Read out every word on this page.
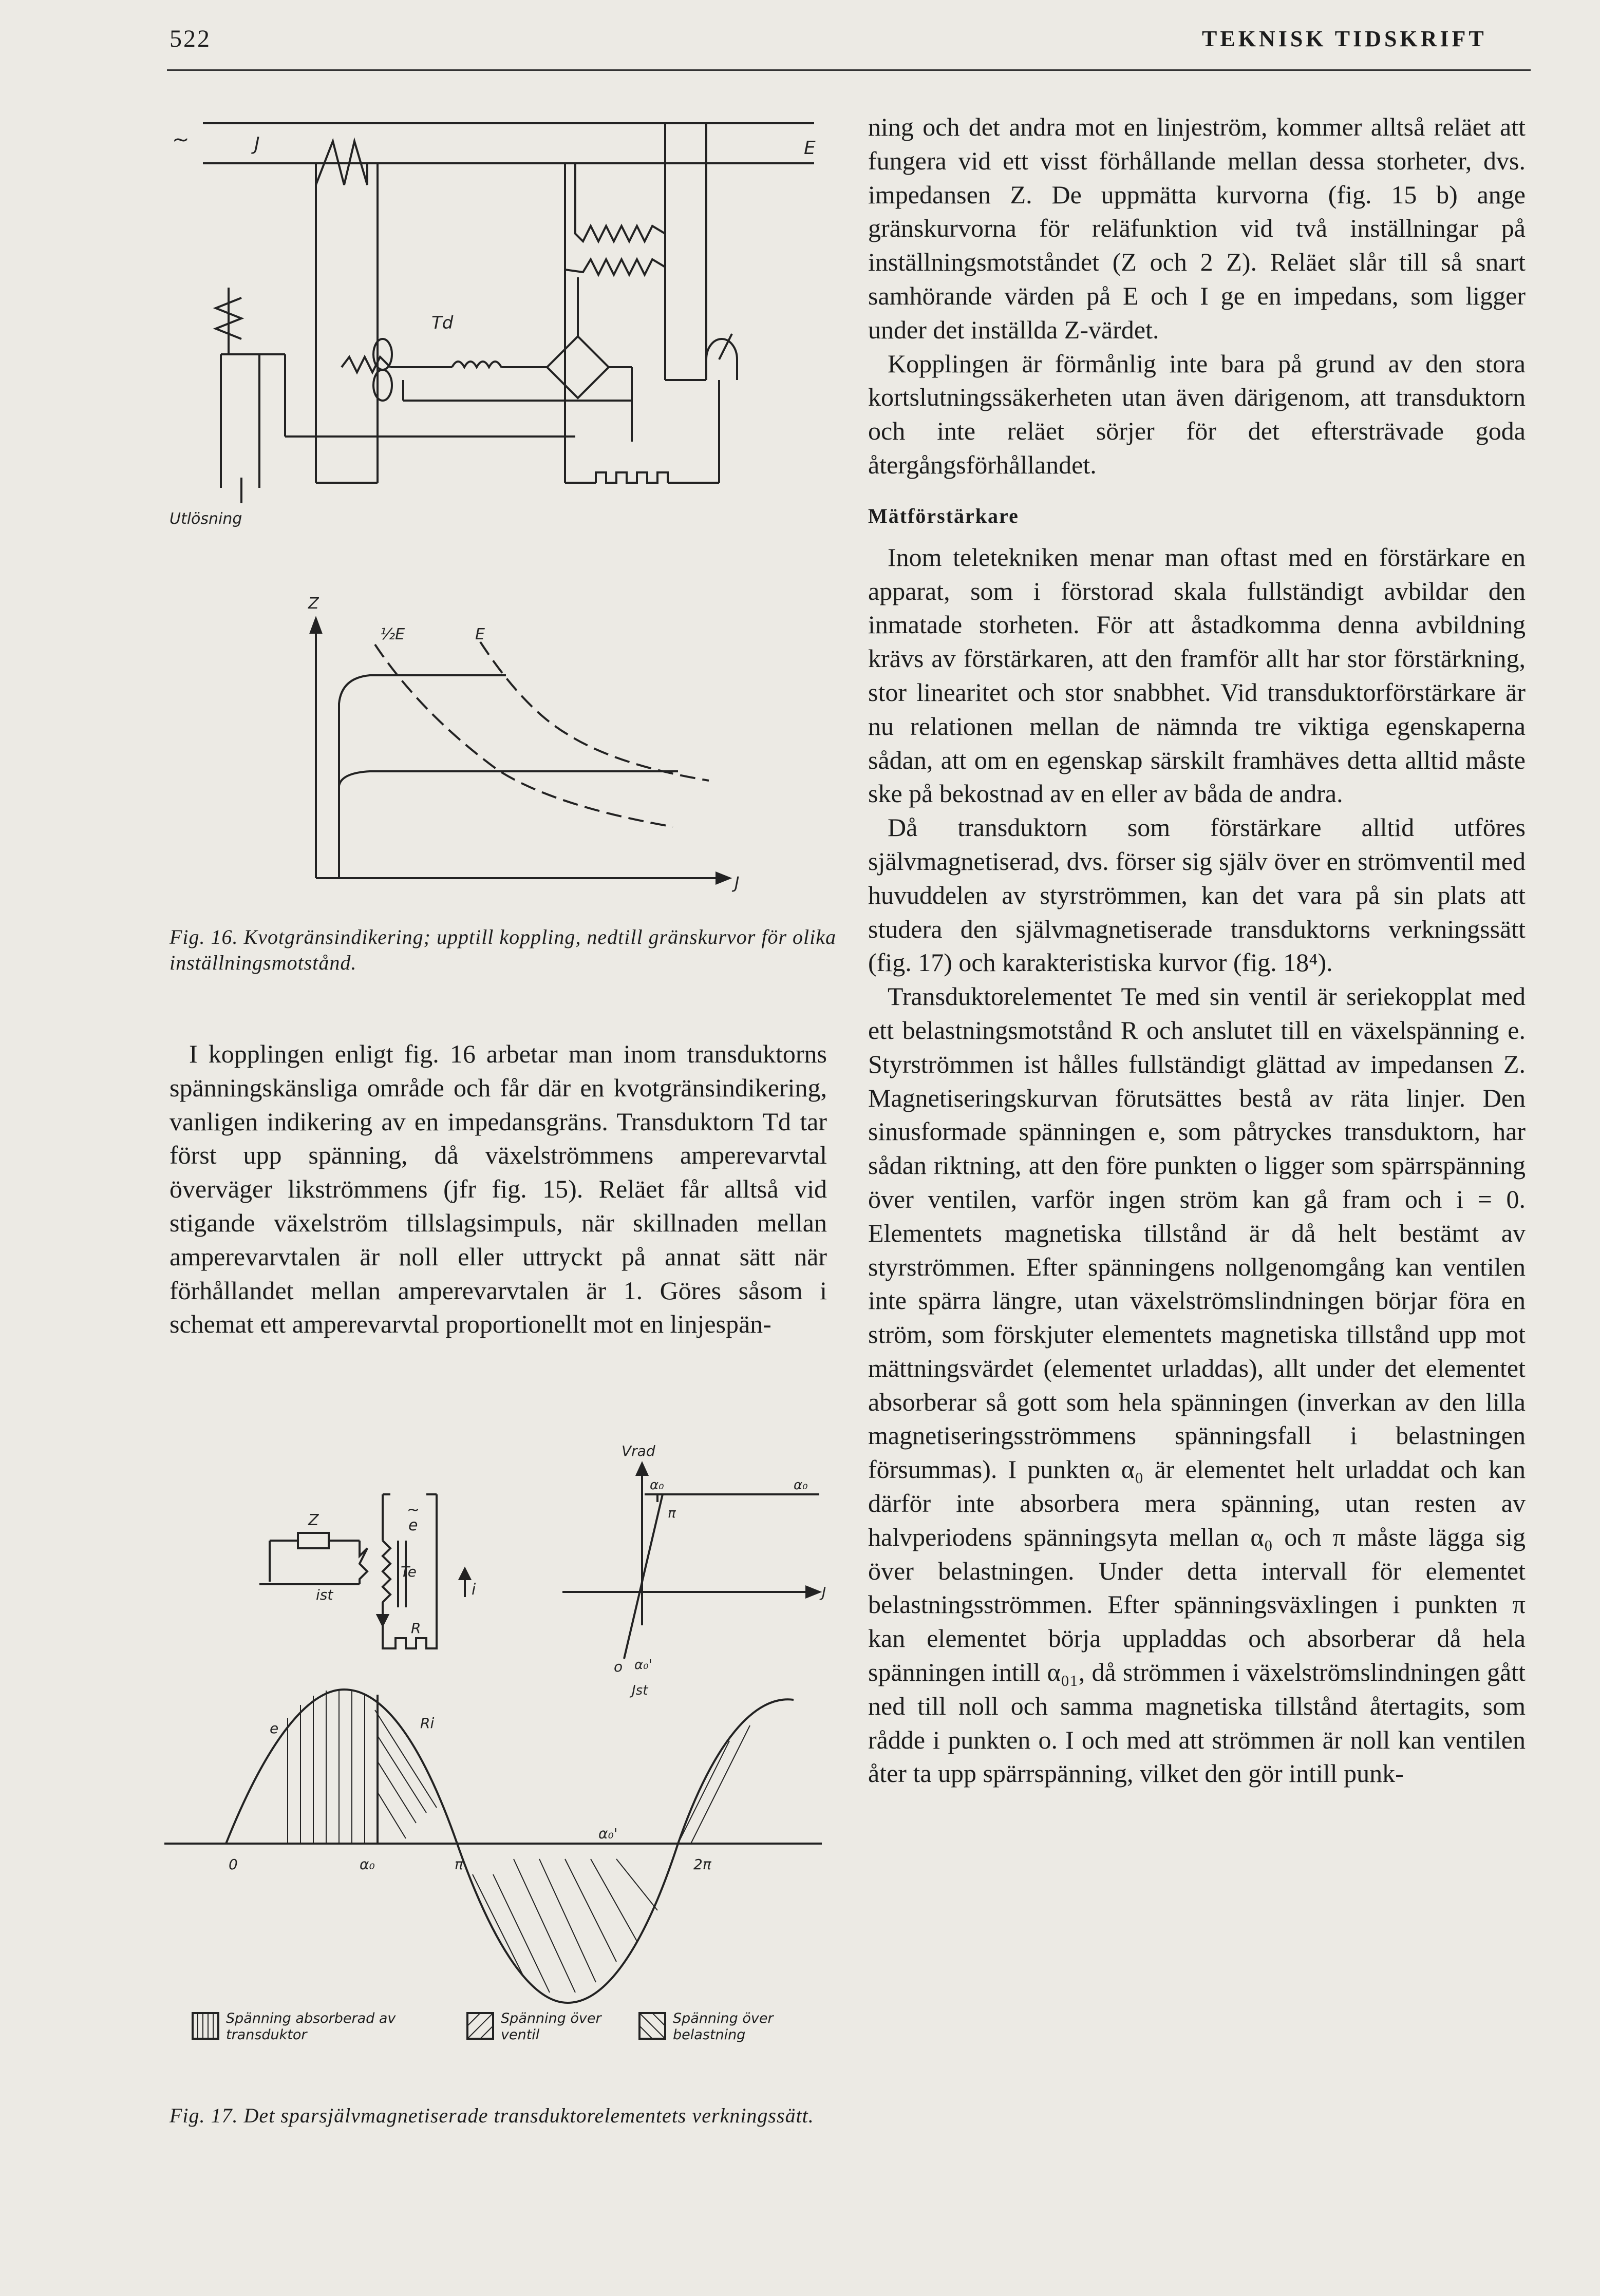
522	TEKNISK TIDSKRIFT
~	J	E
Td
Utlösning
Z
½E	E
J
Fig. 16. Kvotgränsindikering; upptill koppling, nedtill gränskurvor för olika inställningsmotstånd.

I kopplingen enligt fig. 16 arbetar man inom transduktorns spänningskänsliga område och får där en kvotgränsindikering, vanligen indikering av en impedansgräns. Transduktorn Td tar först upp spänning, då växelströmmens amperevarvtal överväger likströmmens (jfr fig. 15). Reläet får alltså vid stigande växelström tillslagsimpuls, när skillnaden mellan amperevarvtalen är noll eller uttryckt på annat sätt när förhållandet mellan amperevarvtalen är 1. Göres såsom i schemat ett amperevarvtal proportionellt mot en linjespän-

Z
~
e
Te
ist	i
R
Vrad
α₀	α₀
π
J
o α₀'
Jst
e	Ri
0	α₀	π
α₀'
2π
Spänning absorberad av transduktor
Spänning över ventil
Spänning över belastning
Fig. 17. Det sparsjälvmagnetiserade transduktorelementets verkningssätt.

ning och det andra mot en linjeström, kommer alltså reläet att fungera vid ett visst förhållande mellan dessa storheter, dvs. impedansen Z. De uppmätta kurvorna (fig. 15 b) ange gränskurvorna för reläfunktion vid två inställningar på inställningsmotståndet (Z och 2 Z). Reläet slår till så snart samhörande värden på E och I ge en impedans, som ligger under det inställda Z-värdet.

Kopplingen är förmånlig inte bara på grund av den stora kortslutningssäkerheten utan även därigenom, att transduktorn och inte reläet sörjer för det eftersträvade goda återgångsförhållandet.

Mätförstärkare

Inom teletekniken menar man oftast med en förstärkare en apparat, som i förstorad skala fullständigt avbildar den inmatade storheten. För att åstadkomma denna avbildning krävs av förstärkaren, att den framför allt har stor förstärkning, stor linearitet och stor snabbhet. Vid transduktorförstärkare är nu relationen mellan de nämnda tre viktiga egenskaperna sådan, att om en egenskap särskilt framhäves detta alltid måste ske på bekostnad av en eller av båda de andra.

Då transduktorn som förstärkare alltid utföres självmagnetiserad, dvs. förser sig själv över en strömventil med huvuddelen av styrströmmen, kan det vara på sin plats att studera den självmagnetiserade transduktorns verkningssätt (fig. 17) och karakteristiska kurvor (fig. 18⁴).

Transduktorelementet Te med sin ventil är seriekopplat med ett belastningsmotstånd R och anslutet till en växelspänning e. Styrströmmen ist hålles fullständigt glättad av impedansen Z. Magnetiseringskurvan förutsättes bestå av räta linjer. Den sinusformade spänningen e, som påtryckes transduktorn, har sådan riktning, att den före punkten o ligger som spärrspänning över ventilen, varför ingen ström kan gå fram och i = 0. Elementets magnetiska tillstånd är då helt bestämt av styrströmmen. Efter spänningens nollgenomgång kan ventilen inte spärra längre, utan växelströmslindningen börjar föra en ström, som förskjuter elementets magnetiska tillstånd upp mot mättningsvärdet (elementet urladdas), allt under det elementet absorberar så gott som hela spänningen (inverkan av den lilla magnetiseringsströmmens spänningsfall i belastningen försummas). I punkten α₀ är elementet helt urladdat och kan därför inte absorbera mera spänning, utan resten av halvperiodens spänningsyta mellan α₀ och π måste lägga sig över belastningen. Under detta intervall för elementet belastningsströmmen. Efter spänningsväxlingen i punkten π kan elementet börja uppladdas och absorberar då hela spänningen intill α₀₁, då strömmen i växelströmslindningen gått ned till noll och samma magnetiska tillstånd återtagits, som rådde i punkten o. I och med att strömmen är noll kan ventilen åter ta upp spärrspänning, vilket den gör intill punk-
